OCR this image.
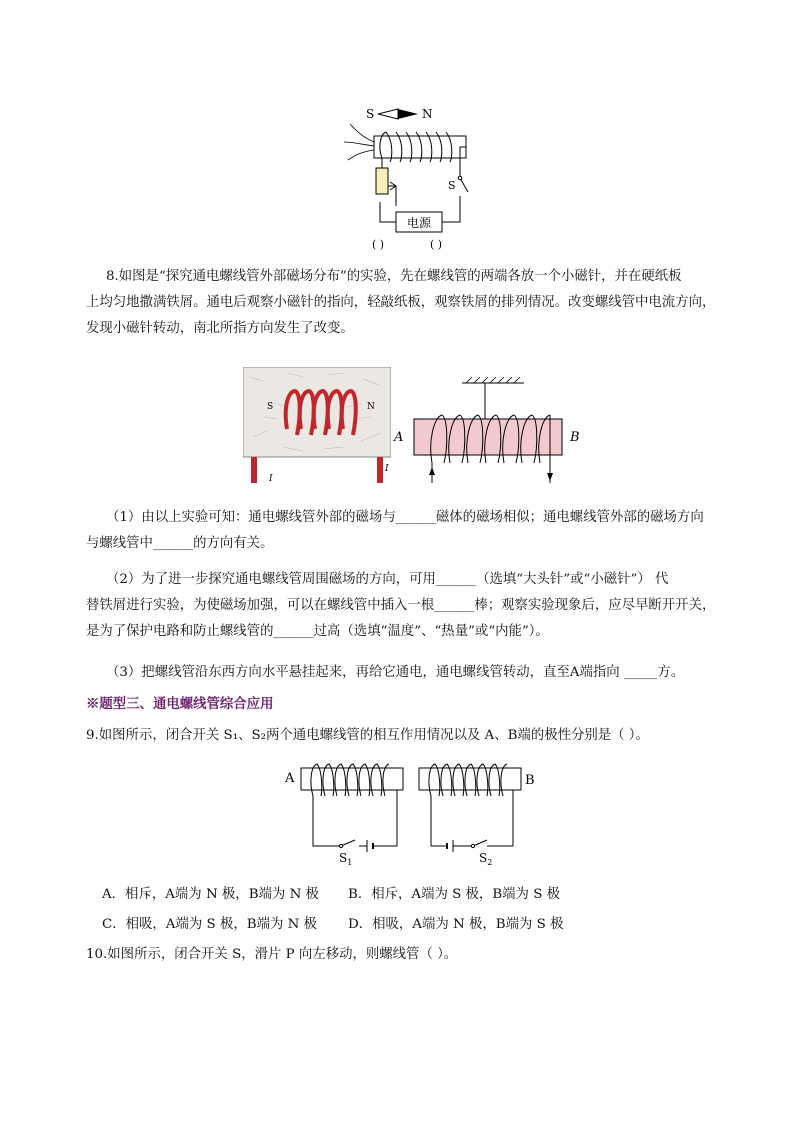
S	N
S
电源
( )	( )
8.如图是“探究通电螺线管外部磁场分布”的实验，先在螺线管的两端各放一个小磁针，并在硬纸板
上均匀地撒满铁屑。通电后观察小磁针的指向，轻敲纸板，观察铁屑的排列情况。改变螺线管中电流方向，
发现小磁针转动，南北所指方向发生了改变。
S	N
I
I
A	B
（1）由以上实验可知：通电螺线管外部的磁场与______磁体的磁场相似；通电螺线管外部的磁场方向
与螺线管中______的方向有关。
（2）为了进一步探究通电螺线管周围磁场的方向，可用______（选填“大头针”或“小磁针”） 代
替铁屑进行实验，为使磁场加强，可以在螺线管中插入一根______棒；观察实验现象后，应尽早断开开关，
是为了保护电路和防止螺线管的______过高（选填“温度”、“热量”或“内能”）。
（3）把螺线管沿东西方向水平悬挂起来，再给它通电，通电螺线管转动，直至A端指向 _____方。
※题型三、通电螺线管综合应用
9.如图所示，闭合开关 S₁、S₂两个通电螺线管的相互作用情况以及 A、B端的极性分别是（ ）。
A	B
$S_1$	$S_2$
A．相斥，A端为 N 极，B端为 N 极 B．相斥，A端为 S 极，B端为 S 极
C．相吸，A端为 S 极，B端为 N 极 D．相吸，A端为 N 极，B端为 S 极
10.如图所示，闭合开关 S，滑片 P 向左移动，则螺线管（ ）。
